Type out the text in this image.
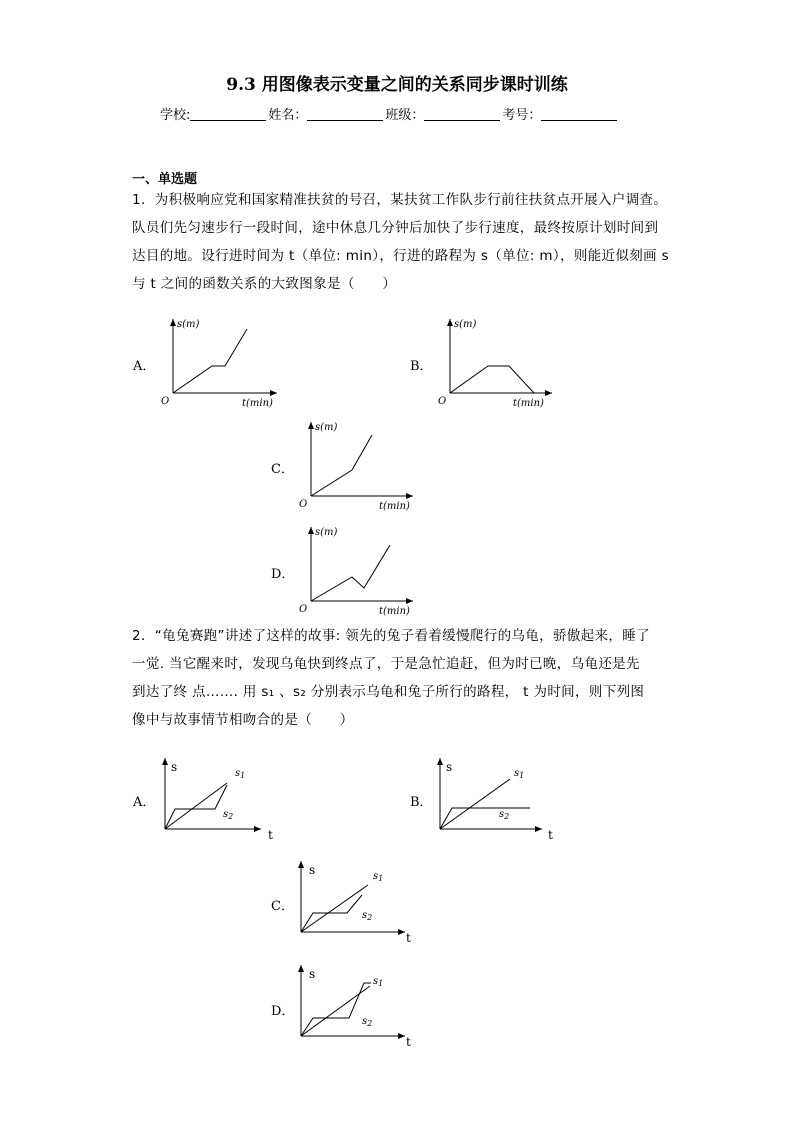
9.3 用图像表示变量之间的关系同步课时训练
学校:	姓名：	班级：	考号：
一、单选题
1．为积极响应党和国家精准扶贫的号召，某扶贫工作队步行前往扶贫点开展入户调查。
队员们先匀速步行一段时间，途中休息几分钟后加快了步行速度，最终按原计划时间到
达目的地。设行进时间为 t（单位: min），行进的路程为 s（单位: m），则能近似刻画 s
与 t 之间的函数关系的大致图象是（　　）
A．
s(m)
t(min)
O
B．
s(m)
t(min)
O
C．
s(m)
t(min)
O
D．
s(m)
t(min)
O
2．“龟兔赛跑”讲述了这样的故事: 领先的兔子看着缓慢爬行的乌龟，骄傲起来，睡了
一觉. 当它醒来时，发现乌龟快到终点了，于是急忙追赶，但为时已晚，乌龟还是先
到达了终 点……. 用 s₁ 、s₂ 分别表示乌龟和兔子所行的路程， t 为时间，则下列图
像中与故事情节相吻合的是（　　）
A．
s
t
$s_1$
$s_2$
B．
s
t
$s_1$
$s_2$
C．
s
t
$s_1$
$s_2$
D．
s
t
$s_1$
$s_2$
